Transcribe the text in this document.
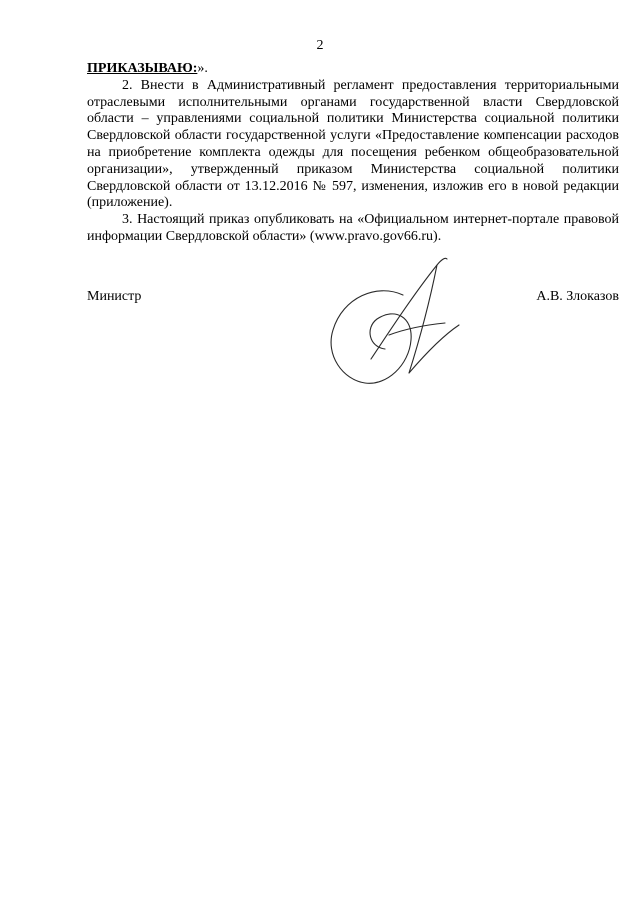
2

ПРИКАЗЫВАЮ:».

2. Внести в Административный регламент предоставления территориальными отраслевыми исполнительными органами государственной власти Свердловской области – управлениями социальной политики Министерства социальной политики Свердловской области государственной услуги «Предоставление компенсации расходов на приобретение комплекта одежды для посещения ребенком общеобразовательной организации», утвержденный приказом Министерства социальной политики Свердловской области от 13.12.2016 № 597, изменения, изложив его в новой редакции (приложение).

3. Настоящий приказ опубликовать на «Официальном интернет-портале правовой информации Свердловской области» (www.pravo.gov66.ru).

Министр	А.В. Злоказов
